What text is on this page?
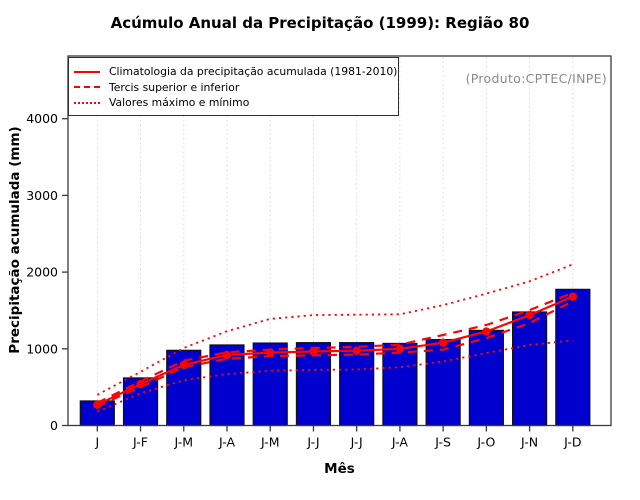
Acúmulo Anual da Precipitação (1999): Região 80
Precipitação acumulada (mm)
(Produto:CPTEC/INPE)
Climatologia da precipitação acumulada (1981-2010)
Tercis superior e inferior
Valores máximo e mínimo
0
1000
2000
3000
4000
J	J-F J-M J-A J-M J-J J-J J-A J-S J-O J-N J-D
Mês
